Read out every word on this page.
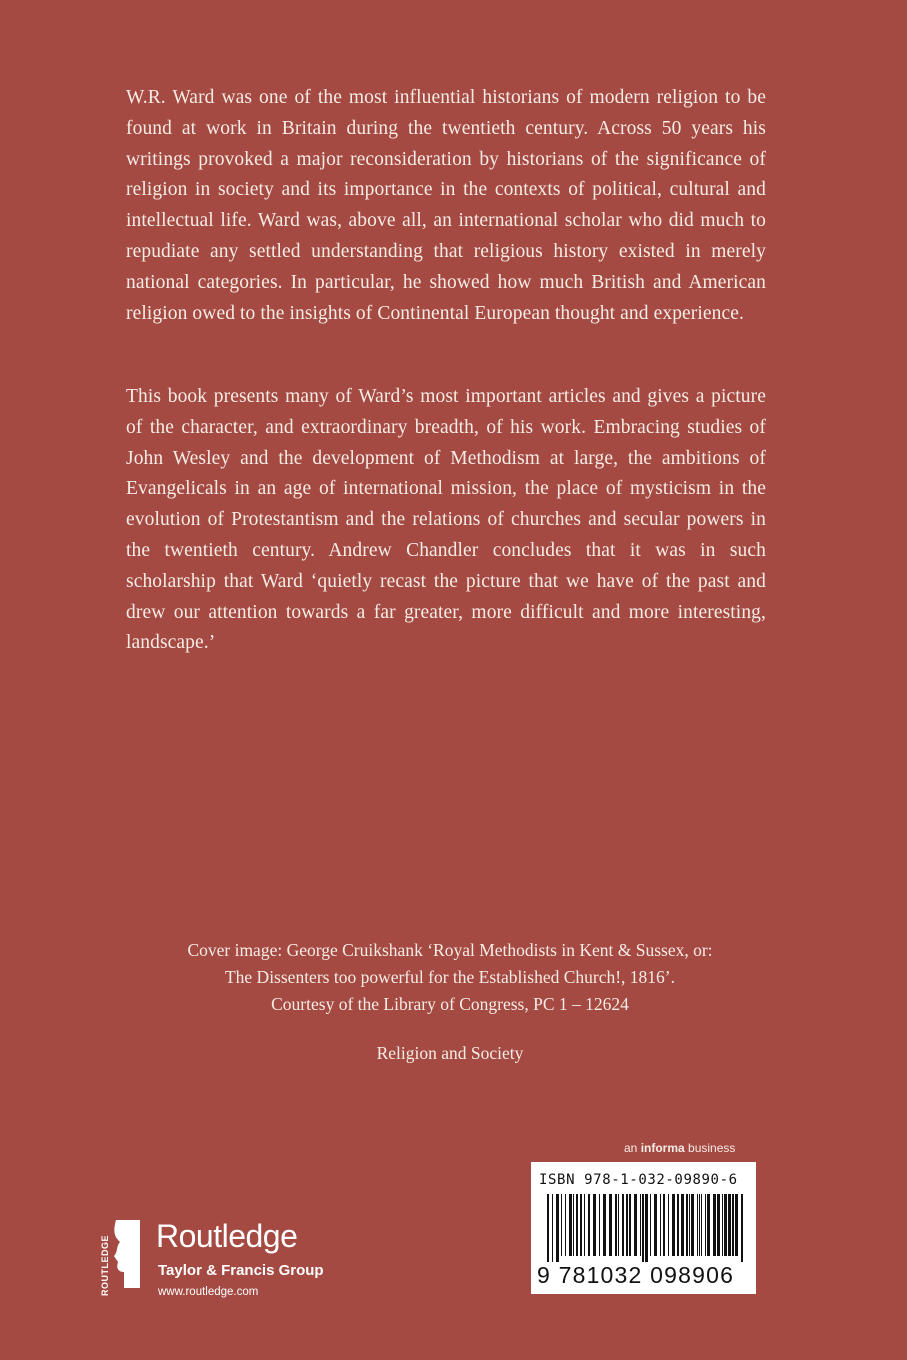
W.R. Ward was one of the most influential historians of modern religion to be found at work in Britain during the twentieth century. Across 50 years his writings provoked a major reconsideration by historians of the significance of religion in society and its importance in the contexts of political, cultural and intellectual life. Ward was, above all, an international scholar who did much to repudiate any settled understanding that religious history existed in merely national categories. In particular, he showed how much British and American religion owed to the insights of Continental European thought and experience.

This book presents many of Ward’s most important articles and gives a picture of the character, and extraordinary breadth, of his work. Embracing studies of John Wesley and the development of Methodism at large, the ambitions of Evangelicals in an age of international mission, the place of mysticism in the evolution of Protestantism and the relations of churches and secular powers in the twentieth century. Andrew Chandler concludes that it was in such scholarship that Ward ‘quietly recast the picture that we have of the past and drew our attention towards a far greater, more difficult and more interesting, landscape.’

Cover image: George Cruikshank ‘Royal Methodists in Kent & Sussex, or:
The Dissenters too powerful for the Established Church!, 1816’.
Courtesy of the Library of Congress, PC 1 – 12624
Religion and Society
an informa business
ISBN 978-1-032-09890-6
9 781032 098906
ROUTLEDGE Routledge
Taylor & Francis Group
www.routledge.com
